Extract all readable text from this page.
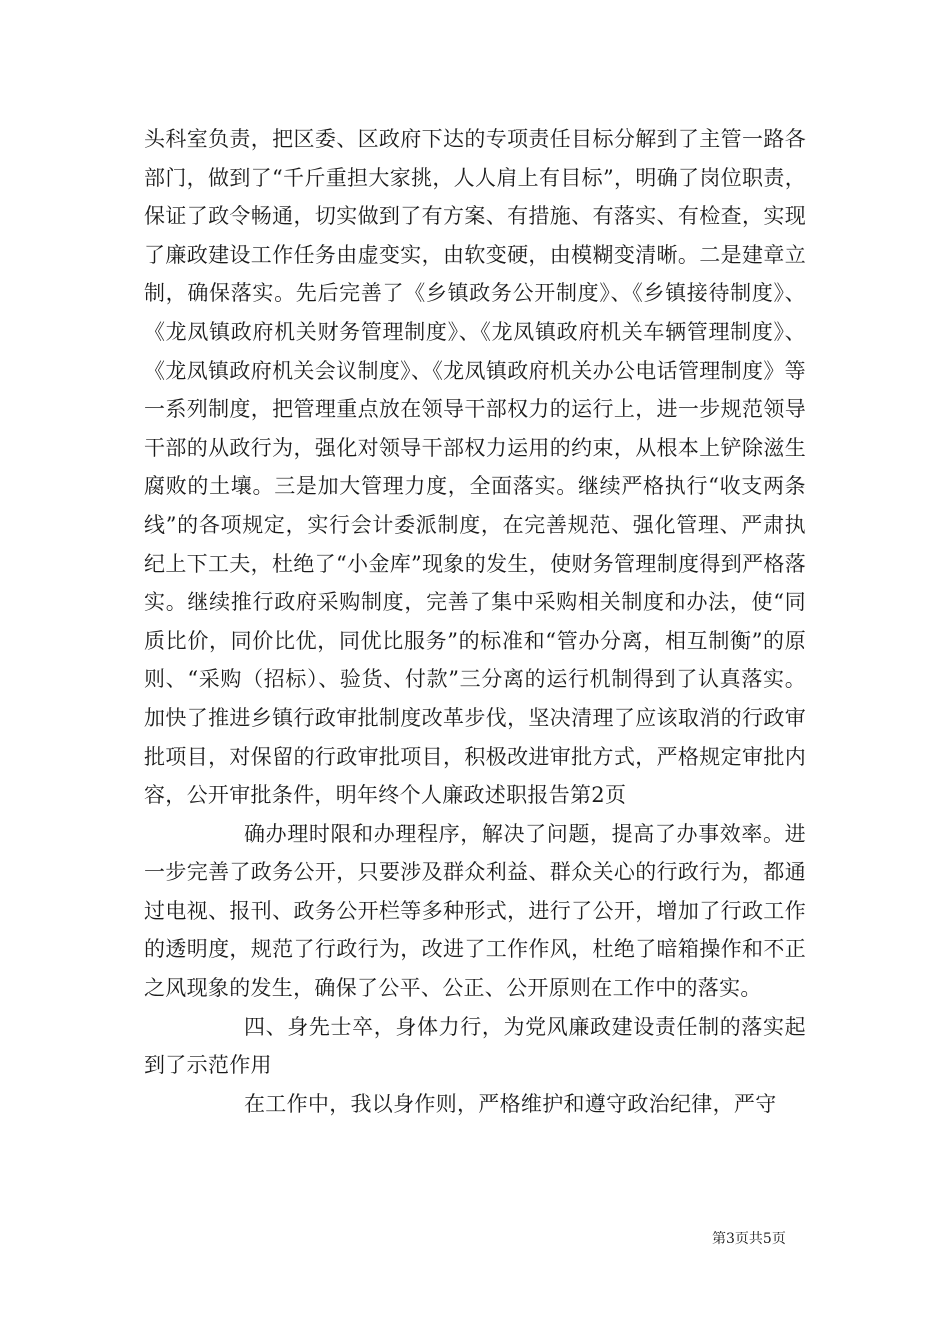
头科室负责，把区委、区政府下达的专项责任目标分解到了主管一路各部门，做到了“千斤重担大家挑，人人肩上有目标”，明确了岗位职责，保证了政令畅通，切实做到了有方案、有措施、有落实、有检查，实现了廉政建设工作任务由虚变实，由软变硬，由模糊变清晰。二是建章立制，确保落实。先后完善了《乡镇政务公开制度》、《乡镇接待制度》、《龙凤镇政府机关财务管理制度》、《龙凤镇政府机关车辆管理制度》、《龙凤镇政府机关会议制度》、《龙凤镇政府机关办公电话管理制度》等一系列制度，把管理重点放在领导干部权力的运行上，进一步规范领导干部的从政行为，强化对领导干部权力运用的约束，从根本上铲除滋生腐败的土壤。三是加大管理力度，全面落实。继续严格执行“收支两条线”的各项规定，实行会计委派制度，在完善规范、强化管理、严肃执纪上下工夫，杜绝了“小金库”现象的发生，使财务管理制度得到严格落实。继续推行政府采购制度，完善了集中采购相关制度和办法，使“同质比价，同价比优，同优比服务”的标准和“管办分离，相互制衡”的原则、“采购（招标）、验货、付款”三分离的运行机制得到了认真落实。加快了推进乡镇行政审批制度改革步伐，坚决清理了应该取消的行政审批项目，对保留的行政审批项目，积极改进审批方式，严格规定审批内容，公开审批条件，明年终个人廉政述职报告第2页

确办理时限和办理程序，解决了问题，提高了办事效率。进一步完善了政务公开，只要涉及群众利益、群众关心的行政行为，都通过电视、报刊、政务公开栏等多种形式，进行了公开，增加了行政工作的透明度，规范了行政行为，改进了工作作风，杜绝了暗箱操作和不正之风现象的发生，确保了公平、公正、公开原则在工作中的落实。

四、身先士卒，身体力行，为党风廉政建设责任制的落实起到了示范作用

在工作中，我以身作则，严格维护和遵守政治纪律，严守

第3页共5页
